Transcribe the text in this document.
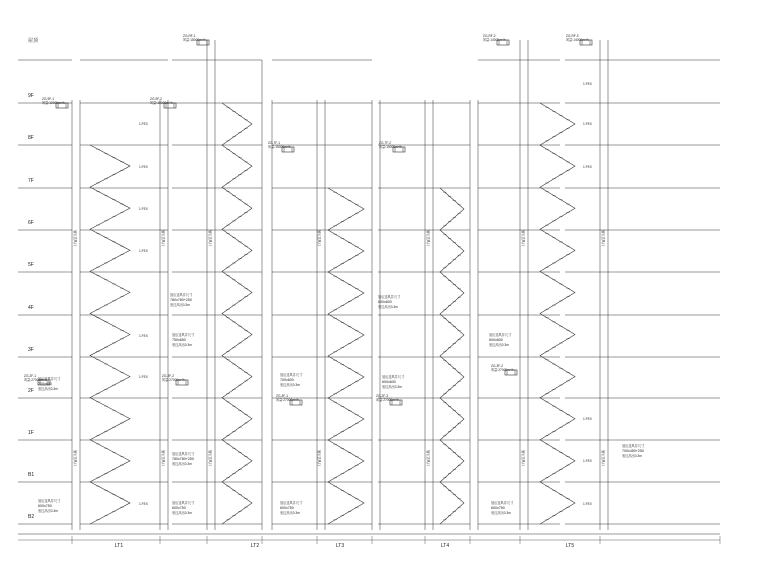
屋顶
9F
8F
7F
6F
5F
4F
3F
2F
1F
B1
B2
LT1	LT2	LT3	LT4	LT5
加压送风口
加压送风口
加压送风口
加压送风口
加压送风口
加压送风口
加压送风口
加压送风口
加压送风口
加压送风口
加压送风口
加压送风口
加压送风口
加压送风口
1.FEX
1.FEX
1.FEX
1.FEX
1.FEX
1.FEX
1.FEX
1.FEX
1.FEX
1.FEX
1.FEX
1.FEX
1.FEX
ZG-9F-1
风量:10000m³/h
ZG-9F-2
风量:10000m³/h
ZG-RF-1
风量:18000m³/h
ZG-7F-1
风量:15000m³/h
ZG-7F-2
风量:15000m³/h
ZG-3F-1
风量:27000m³/h
ZG-2F-1
风量:27000m³/h
ZG-2F-2
风量:27000m³/h
ZG-2F-3
风量:27000m³/h
ZG-RF-2
风量:14000m³/h
ZG-RF-3
风量:14000m³/h
ZG-3F-2
风量:27000m³/h
加压送风井尺寸
700x600
底边高出0.3m
加压送风井尺寸
780x780+250
底边高出0.3m
加压送风井尺寸
750x650
底边高出0.3m
加压送风井尺寸
700x600
底边高出0.3m
加压送风井尺寸
600x600
底边高出0.3m
加压送风井尺寸
600x600
底边高出0.3m
加压送风井尺寸
600x600
底边高出0.3m
加压送风井尺寸
780x780+250
底边高出0.3m
加压送风井尺寸
600x750
底边高出0.3m
加压送风井尺寸
600x750
底边高出0.3m
加压送风井尺寸
600x750
底边高出0.3m
加压送风井尺寸
600x750
底边高出0.3m
加压送风井尺寸
700x450+250
底边高出0.3m
